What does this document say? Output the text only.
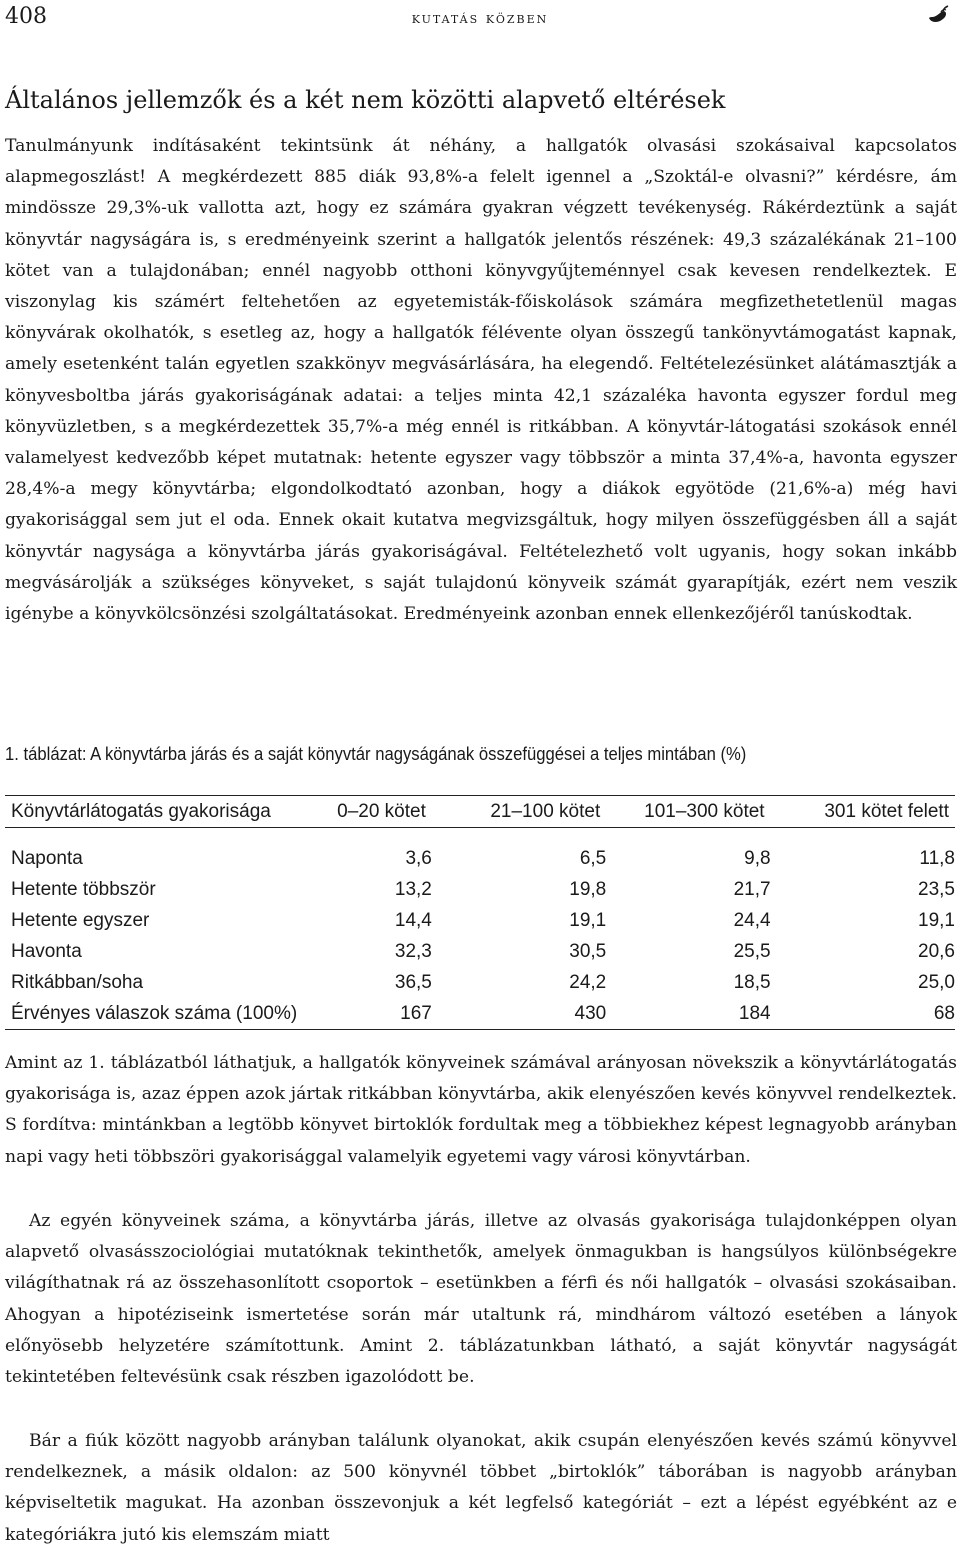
408	kutatás közben
Általános jellemzők és a két nem közötti alapvető eltérések

Tanulmányunk indításaként tekintsünk át néhány, a hallgatók olvasási szokásaival kapcsolatos alapmegoszlást! A megkérdezett 885 diák 93,8%-a felelt igennel a „Szoktál-e olvasni?” kérdésre, ám mindössze 29,3%-uk vallotta azt, hogy ez számára gyakran végzett tevékenység. Rákérdeztünk a saját könyvtár nagyságára is, s eredményeink szerint a hallgatók jelentős részének: 49,3 százalékának 21–100 kötet van a tulajdonában; ennél nagyobb otthoni könyvgyűjteménnyel csak kevesen rendelkeztek. E viszonylag kis számért feltehetően az egyetemisták-főiskolások számára megfizethetetlenül magas könyvárak okolhatók, s esetleg az, hogy a hallgatók félévente olyan összegű tankönyvtámogatást kapnak, amely esetenként talán egyetlen szakkönyv megvásárlására, ha elegendő. Feltételezésünket alátámasztják a könyvesboltba járás gyakoriságának adatai: a teljes minta 42,1 százaléka havonta egyszer fordul meg könyvüzletben, s a megkérdezettek 35,7%-a még ennél is ritkábban. A könyvtár-látogatási szokások ennél valamelyest kedvezőbb képet mutatnak: hetente egyszer vagy többször a minta 37,4%-a, havonta egyszer 28,4%-a megy könyvtárba; elgondolkodtató azonban, hogy a diákok egyötöde (21,6%-a) még havi gyakorisággal sem jut el oda. Ennek okait kutatva megvizsgáltuk, hogy milyen összefüggésben áll a saját könyvtár nagysága a könyvtárba járás gyakoriságával. Feltételezhető volt ugyanis, hogy sokan inkább megvásárolják a szükséges könyveket, s saját tulajdonú könyveik számát gyarapítják, ezért nem veszik igénybe a könyvkölcsönzési szolgáltatásokat. Eredményeink azonban ennek ellenkezőjéről tanúskodtak.

1. táblázat: A könyvtárba járás és a saját könyvtár nagyságának összefüggései a teljes mintában (%)
Könyvtárlátogatás gyakorisága	0–20 kötet	21–100 kötet	101–300 kötet	301 kötet felett

Naponta	3,6	6,5	9,8	11,8
Hetente többször	13,2	19,8	21,7	23,5
Hetente egyszer	14,4	19,1	24,4	19,1
Havonta	32,3	30,5	25,5	20,6
Ritkábban/soha	36,5	24,2	18,5	25,0
Érvényes válaszok száma (100%)	167	430	184	68

Amint az 1. táblázatból láthatjuk, a hallgatók könyveinek számával arányosan növekszik a könyvtárlátogatás gyakorisága is, azaz éppen azok jártak ritkábban könyvtárba, akik elenyészően kevés könyvvel rendelkeztek. S fordítva: mintánkban a legtöbb könyvet birtoklók fordultak meg a többiekhez képest legnagyobb arányban napi vagy heti többszöri gyakorisággal valamelyik egyetemi vagy városi könyvtárban.

Az egyén könyveinek száma, a könyvtárba járás, illetve az olvasás gyakorisága tulajdonképpen olyan alapvető olvasásszociológiai mutatóknak tekinthetők, amelyek önmagukban is hangsúlyos különbségekre világíthatnak rá az összehasonlított csoportok – esetünkben a férfi és női hallgatók – olvasási szokásaiban. Ahogyan a hipotéziseink ismertetése során már utaltunk rá, mindhárom változó esetében a lányok előnyösebb helyzetére számítottunk. Amint 2. táblázatunkban látható, a saját könyvtár nagyságát tekintetében feltevésünk csak részben igazolódott be.

Bár a fiúk között nagyobb arányban találunk olyanokat, akik csupán elenyészően kevés számú könyvvel rendelkeznek, a másik oldalon: az 500 könyvnél többet „birtoklók” táborában is nagyobb arányban képviseltetik magukat. Ha azonban összevonjuk a két legfelső kategóriát – ezt a lépést egyébként az e kategóriákra jutó kis elemszám miatt
